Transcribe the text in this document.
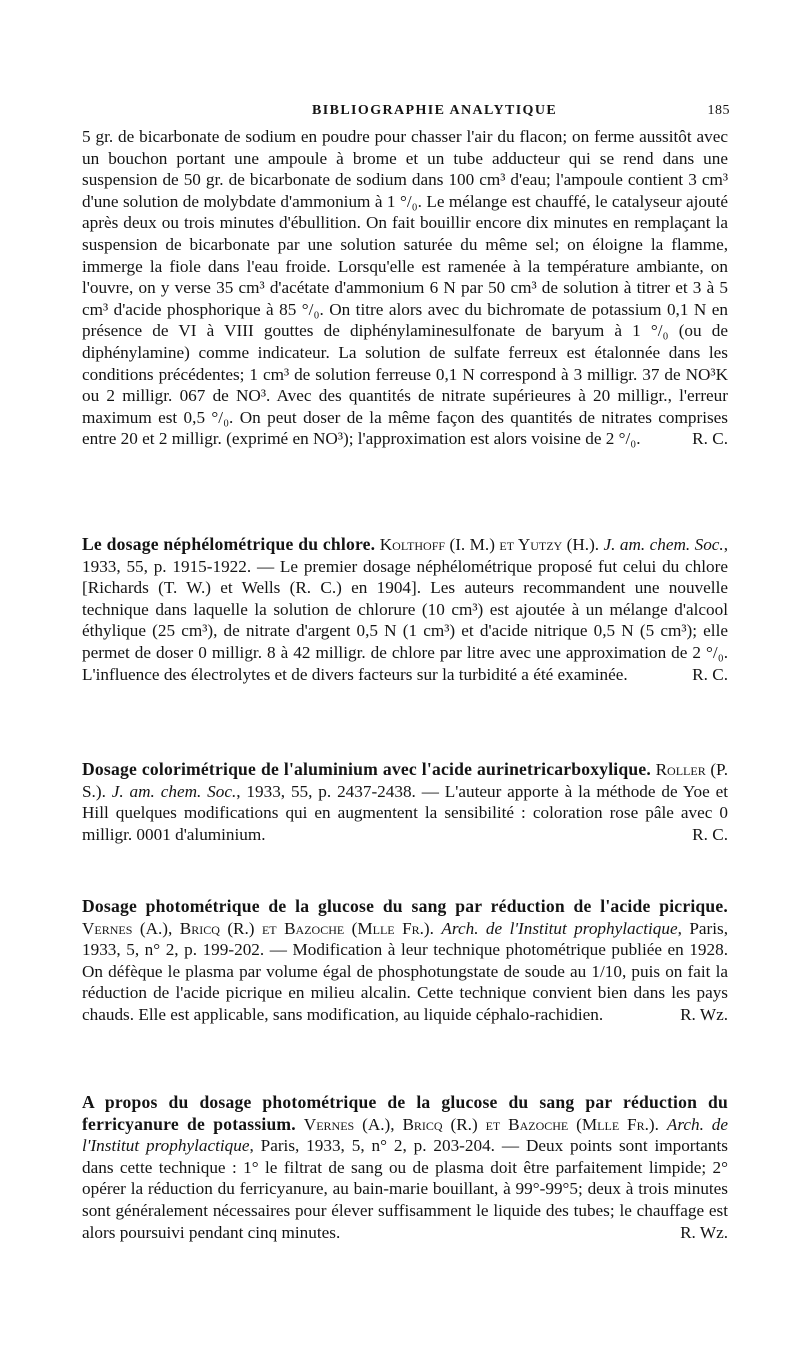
BIBLIOGRAPHIE ANALYTIQUE	185
5 gr. de bicarbonate de sodium en poudre pour chasser l'air du flacon; on ferme aussitôt avec un bouchon portant une ampoule à brome et un tube adducteur qui se rend dans une suspension de 50 gr. de bicarbonate de sodium dans 100 cm³ d'eau; l'ampoule contient 3 cm³ d'une solution de molybdate d'ammonium à 1 °/₀. Le mélange est chauffé, le catalyseur ajouté après deux ou trois minutes d'ébullition. On fait bouillir encore dix minutes en remplaçant la suspension de bicarbonate par une solution saturée du même sel; on éloigne la flamme, immerge la fiole dans l'eau froide. Lorsqu'elle est ramenée à la température ambiante, on l'ouvre, on y verse 35 cm³ d'acétate d'ammonium 6 N par 50 cm³ de solution à titrer et 3 à 5 cm³ d'acide phosphorique à 85 °/₀. On titre alors avec du bichromate de potassium 0,1 N en présence de VI à VIII gouttes de diphénylaminesulfonate de baryum à 1 °/₀ (ou de diphénylamine) comme indicateur. La solution de sulfate ferreux est étalonnée dans les conditions précédentes; 1 cm³ de solution ferreuse 0,1 N correspond à 3 milligr. 37 de NO³K ou 2 milligr. 067 de NO³. Avec des quantités de nitrate supérieures à 20 milligr., l'erreur maximum est 0,5 °/₀. On peut doser de la même façon des quantités de nitrates comprises entre 20 et 2 milligr. (exprimé en NO³); l'approximation est alors voisine de 2 °/₀.	R. C.
Le dosage néphélométrique du chlore. Kolthoff (I. M.) et Yutzy (H.). J. am. chem. Soc., 1933, 55, p. 1915-1922. — Le premier dosage néphélométrique proposé fut celui du chlore [Richards (T. W.) et Wells (R. C.) en 1904]. Les auteurs recommandent une nouvelle technique dans laquelle la solution de chlorure (10 cm³) est ajoutée à un mélange d'alcool éthylique (25 cm³), de nitrate d'argent 0,5 N (1 cm³) et d'acide nitrique 0,5 N (5 cm³); elle permet de doser 0 milligr. 8 à 42 milligr. de chlore par litre avec une approximation de 2 °/₀. L'influence des électrolytes et de divers facteurs sur la turbidité a été examinée.	R. C.
Dosage colorimétrique de l'aluminium avec l'acide aurinetricarboxylique. Roller (P. S.). J. am. chem. Soc., 1933, 55, p. 2437-2438. — L'auteur apporte à la méthode de Yoe et Hill quelques modifications qui en augmentent la sensibilité : coloration rose pâle avec 0 milligr. 0001 d'aluminium.	R. C.
Dosage photométrique de la glucose du sang par réduction de l'acide picrique. Vernes (A.), Bricq (R.) et Bazoche (Mlle Fr.). Arch. de l'Institut prophylactique, Paris, 1933, 5, n° 2, p. 199-202. — Modification à leur technique photométrique publiée en 1928. On défèque le plasma par volume égal de phosphotungstate de soude au 1/10, puis on fait la réduction de l'acide picrique en milieu alcalin. Cette technique convient bien dans les pays chauds. Elle est applicable, sans modification, au liquide céphalo-rachidien.	R. Wz.
A propos du dosage photométrique de la glucose du sang par réduction du ferricyanure de potassium. Vernes (A.), Bricq (R.) et Bazoche (Mlle Fr.). Arch. de l'Institut prophylactique, Paris, 1933, 5, n° 2, p. 203-204. — Deux points sont importants dans cette technique : 1° le filtrat de sang ou de plasma doit être parfaitement limpide; 2° opérer la réduction du ferricyanure, au bain-marie bouillant, à 99°-99°5; deux à trois minutes sont généralement nécessaires pour élever suffisamment le liquide des tubes; le chauffage est alors poursuivi pendant cinq minutes.	R. Wz.
